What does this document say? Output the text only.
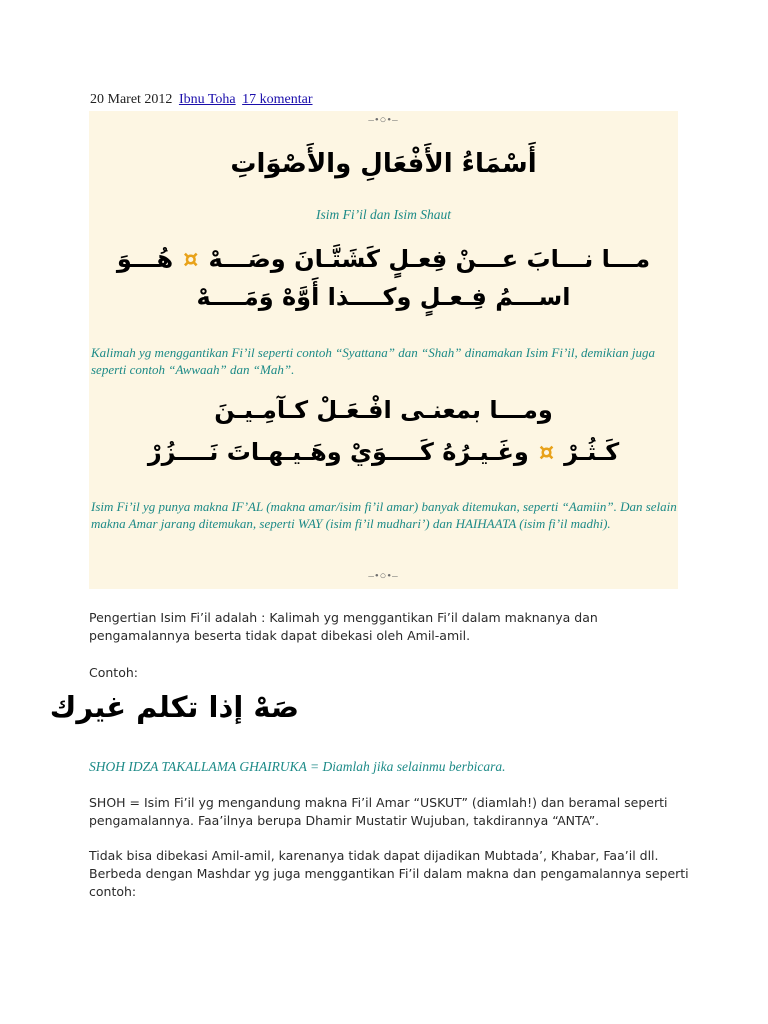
20 Maret 2012 Ibnu Toha 17 komentar
–•○•–
أَسْمَاءُ الأَفْعَالِ والأَصْوَاتِ
Isim Fi’il dan Isim Shaut
مـــا نـــابَ عـــنْ فِعـلٍ كَشَتَّـانَ وصَـــهْ¤هُـــوَ
اســـمُ فِـعـلٍ وكــــذا أَوَّهْ وَمَــــهْ
Kalimah yg menggantikan Fi’il seperti contoh “Syattana” dan “Shah” dinamakan Isim Fi’il, demikian juga seperti contoh “Awwaah” dan “Mah”.
ومـــا بمعنـى افْـعَـلْ كـآمِـيـنَ
كَـثُـرْ¤وغَـيـرُهُ كَــــوَيْ وهَـيـهـاتَ نَــــزُرْ
Isim Fi’il yg punya makna IF’AL (makna amar/isim fi’il amar) banyak ditemukan, seperti “Aamiin”. Dan selain makna Amar jarang ditemukan, seperti WAY (isim fi’il mudhari’) dan HAIHAATA (isim fi’il madhi).
–•○•–
Pengertian Isim Fi’il adalah : Kalimah yg menggantikan Fi’il dalam maknanya dan pengamalannya beserta tidak dapat dibekasi oleh Amil-amil.
Contoh:
صَهْ إذا تكلم غيرك
SHOH IDZA TAKALLAMA GHAIRUKA = Diamlah jika selainmu berbicara.
SHOH = Isim Fi’il yg mengandung makna Fi’il Amar “USKUT” (diamlah!) dan beramal seperti pengamalannya. Faa’ilnya berupa Dhamir Mustatir Wujuban, takdirannya “ANTA”.
Tidak bisa dibekasi Amil-amil, karenanya tidak dapat dijadikan Mubtada’, Khabar, Faa’il dll. Berbeda dengan Mashdar yg juga menggantikan Fi’il dalam makna dan pengamalannya seperti contoh:
